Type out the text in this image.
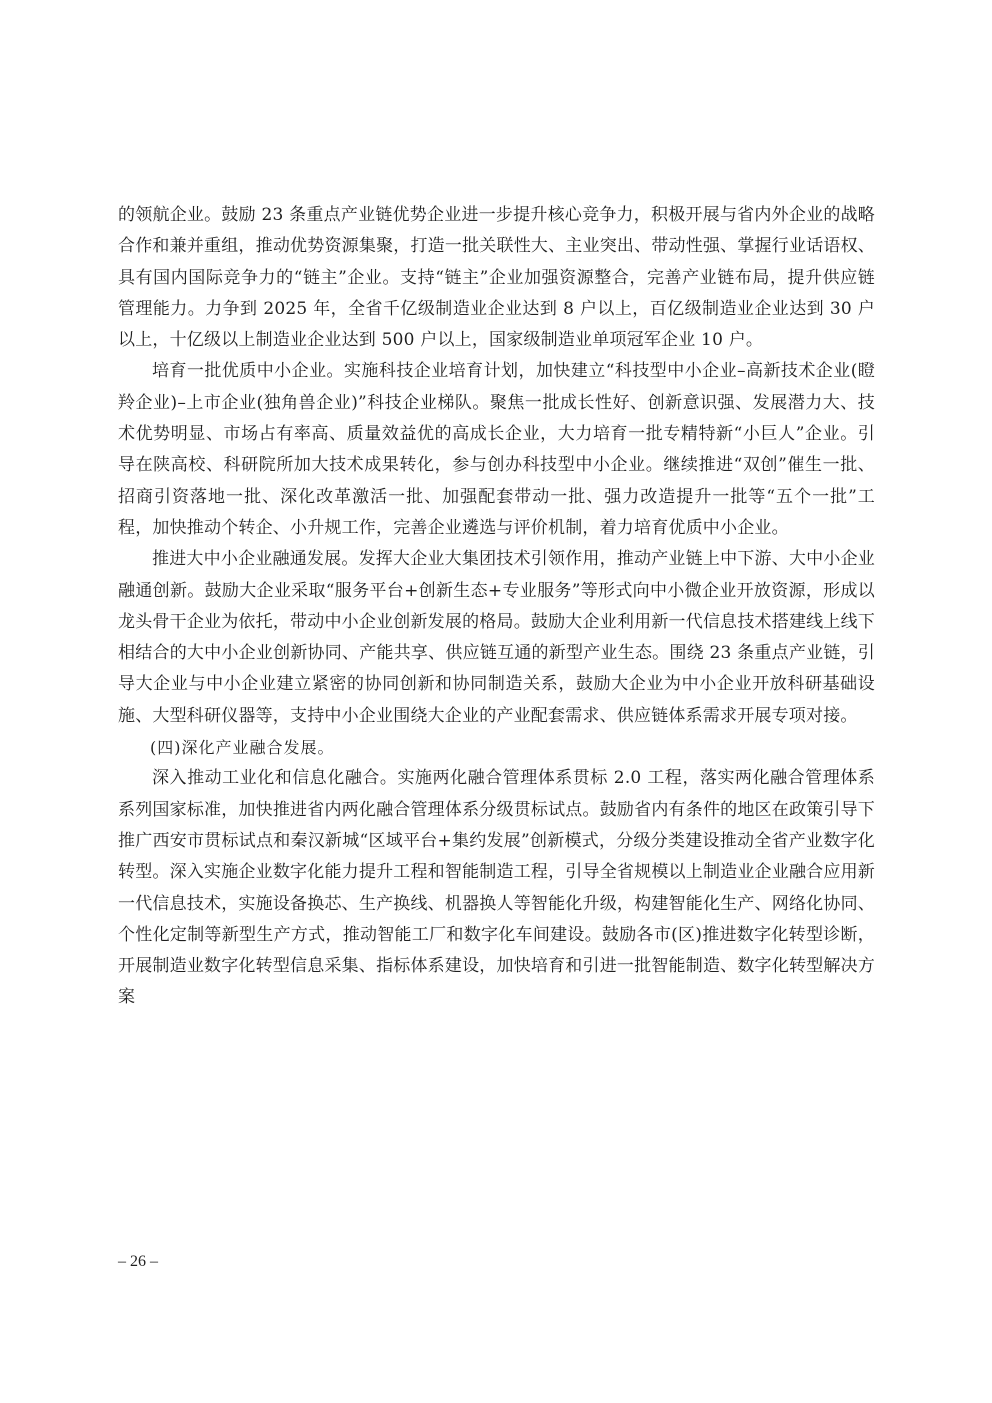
的领航企业。鼓励 23 条重点产业链优势企业进一步提升核心竞争力，积极开展与省内外企业的战略合作和兼并重组，推动优势资源集聚，打造一批关联性大、主业突出、带动性强、掌握行业话语权、具有国内国际竞争力的“链主”企业。支持“链主”企业加强资源整合，完善产业链布局，提升供应链管理能力。力争到 2025 年，全省千亿级制造业企业达到 8 户以上，百亿级制造业企业达到 30 户以上，十亿级以上制造业企业达到 500 户以上，国家级制造业单项冠军企业 10 户。

培育一批优质中小企业。实施科技企业培育计划，加快建立“科技型中小企业–高新技术企业(瞪羚企业)–上市企业(独角兽企业)”科技企业梯队。聚焦一批成长性好、创新意识强、发展潜力大、技术优势明显、市场占有率高、质量效益优的高成长企业，大力培育一批专精特新“小巨人”企业。引导在陕高校、科研院所加大技术成果转化，参与创办科技型中小企业。继续推进“双创”催生一批、招商引资落地一批、深化改革激活一批、加强配套带动一批、强力改造提升一批等“五个一批”工程，加快推动个转企、小升规工作，完善企业遴选与评价机制，着力培育优质中小企业。

推进大中小企业融通发展。发挥大企业大集团技术引领作用，推动产业链上中下游、大中小企业融通创新。鼓励大企业采取“服务平台+创新生态+专业服务”等形式向中小微企业开放资源，形成以龙头骨干企业为依托，带动中小企业创新发展的格局。鼓励大企业利用新一代信息技术搭建线上线下相结合的大中小企业创新协同、产能共享、供应链互通的新型产业生态。围绕 23 条重点产业链，引导大企业与中小企业建立紧密的协同创新和协同制造关系，鼓励大企业为中小企业开放科研基础设施、大型科研仪器等，支持中小企业围绕大企业的产业配套需求、供应链体系需求开展专项对接。

(四)深化产业融合发展。

深入推动工业化和信息化融合。实施两化融合管理体系贯标 2.0 工程，落实两化融合管理体系系列国家标准，加快推进省内两化融合管理体系分级贯标试点。鼓励省内有条件的地区在政策引导下推广西安市贯标试点和秦汉新城“区域平台+集约发展”创新模式，分级分类建设推动全省产业数字化转型。深入实施企业数字化能力提升工程和智能制造工程，引导全省规模以上制造业企业融合应用新一代信息技术，实施设备换芯、生产换线、机器换人等智能化升级，构建智能化生产、网络化协同、个性化定制等新型生产方式，推动智能工厂和数字化车间建设。鼓励各市(区)推进数字化转型诊断，开展制造业数字化转型信息采集、指标体系建设，加快培育和引进一批智能制造、数字化转型解决方案

– 26 –
